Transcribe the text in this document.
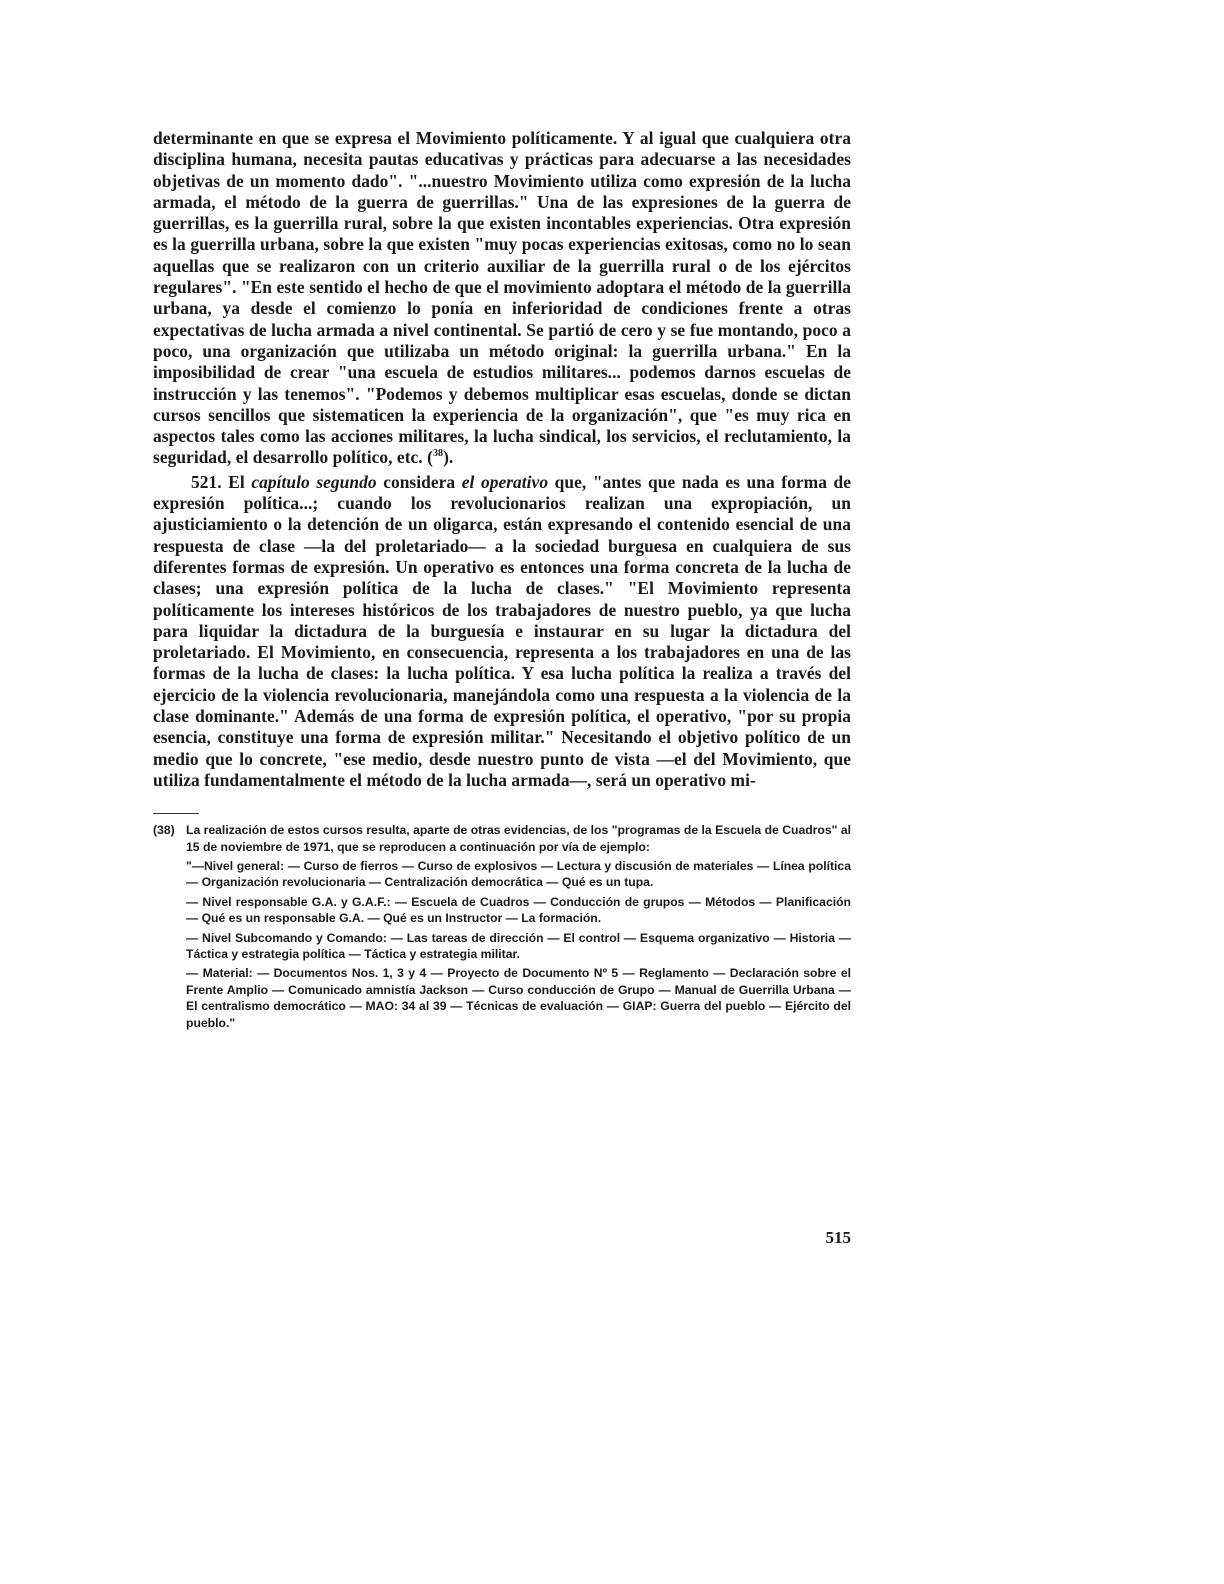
determinante en que se expresa el Movimiento políticamente. Y al igual que cualquiera otra disciplina humana, necesita pautas educativas y prácticas para adecuarse a las necesidades objetivas de un momento dado". "...nuestro Movimiento utiliza como expresión de la lucha armada, el método de la guerra de guerrillas." Una de las expresiones de la guerra de guerrillas, es la guerrilla rural, sobre la que existen incontables experiencias. Otra expresión es la guerrilla urbana, sobre la que existen "muy pocas experiencias exitosas, como no lo sean aquellas que se realizaron con un criterio auxiliar de la guerrilla rural o de los ejércitos regulares". "En este sentido el hecho de que el movimiento adoptara el método de la guerrilla urbana, ya desde el comienzo lo ponía en inferioridad de condiciones frente a otras expectativas de lucha armada a nivel continental. Se partió de cero y se fue montando, poco a poco, una organización que utilizaba un método original: la guerrilla urbana." En la imposibilidad de crear "una escuela de estudios militares... podemos darnos escuelas de instrucción y las tenemos". "Podemos y debemos multiplicar esas escuelas, donde se dictan cursos sencillos que sistematicen la experiencia de la organización", que "es muy rica en aspectos tales como las acciones militares, la lucha sindical, los servicios, el reclutamiento, la seguridad, el desarrollo político, etc. ($^{38}$).

521. El capítulo segundo considera el operativo que, "antes que nada es una forma de expresión política...; cuando los revolucionarios realizan una expropiación, un ajusticiamiento o la detención de un oligarca, están expresando el contenido esencial de una respuesta de clase —la del proletariado— a la sociedad burguesa en cualquiera de sus diferentes formas de expresión. Un operativo es entonces una forma concreta de la lucha de clases; una expresión política de la lucha de clases." "El Movimiento representa políticamente los intereses históricos de los trabajadores de nuestro pueblo, ya que lucha para liquidar la dictadura de la burguesía e instaurar en su lugar la dictadura del proletariado. El Movimiento, en consecuencia, representa a los trabajadores en una de las formas de la lucha de clases: la lucha política. Y esa lucha política la realiza a través del ejercicio de la violencia revolucionaria, manejándola como una respuesta a la violencia de la clase dominante." Además de una forma de expresión política, el operativo, "por su propia esencia, constituye una forma de expresión militar." Necesitando el objetivo político de un medio que lo concrete, "ese medio, desde nuestro punto de vista —el del Movimiento, que utiliza fundamentalmente el método de la lucha armada—, será un operativo mi-

(38) La realización de estos cursos resulta, aparte de otras evidencias, de los "programas de la Escuela de Cuadros" al 15 de noviembre de 1971, que se reproducen a continuación por vía de ejemplo:

"—Nivel general: — Curso de fierros — Curso de explosivos — Lectura y discusión de materiales — Línea política — Organización revolucionaria — Centralización democrática — Qué es un tupa.

— Nivel responsable G.A. y G.A.F.: — Escuela de Cuadros — Conducción de grupos — Métodos — Planificación — Qué es un responsable G.A. — Qué es un Instructor — La formación.

— Nivel Subcomando y Comando: — Las tareas de dirección — El control — Esquema organizativo — Historia — Táctica y estrategia política — Táctica y estrategia militar.

— Material: — Documentos Nos. 1, 3 y 4 — Proyecto de Documento Nº 5 — Reglamento — Declaración sobre el Frente Amplio — Comunicado amnistía Jackson — Curso conducción de Grupo — Manual de Guerrilla Urbana — El centralismo democrático — MAO: 34 al 39 — Técnicas de evaluación — GIAP: Guerra del pueblo — Ejército del pueblo."

515
